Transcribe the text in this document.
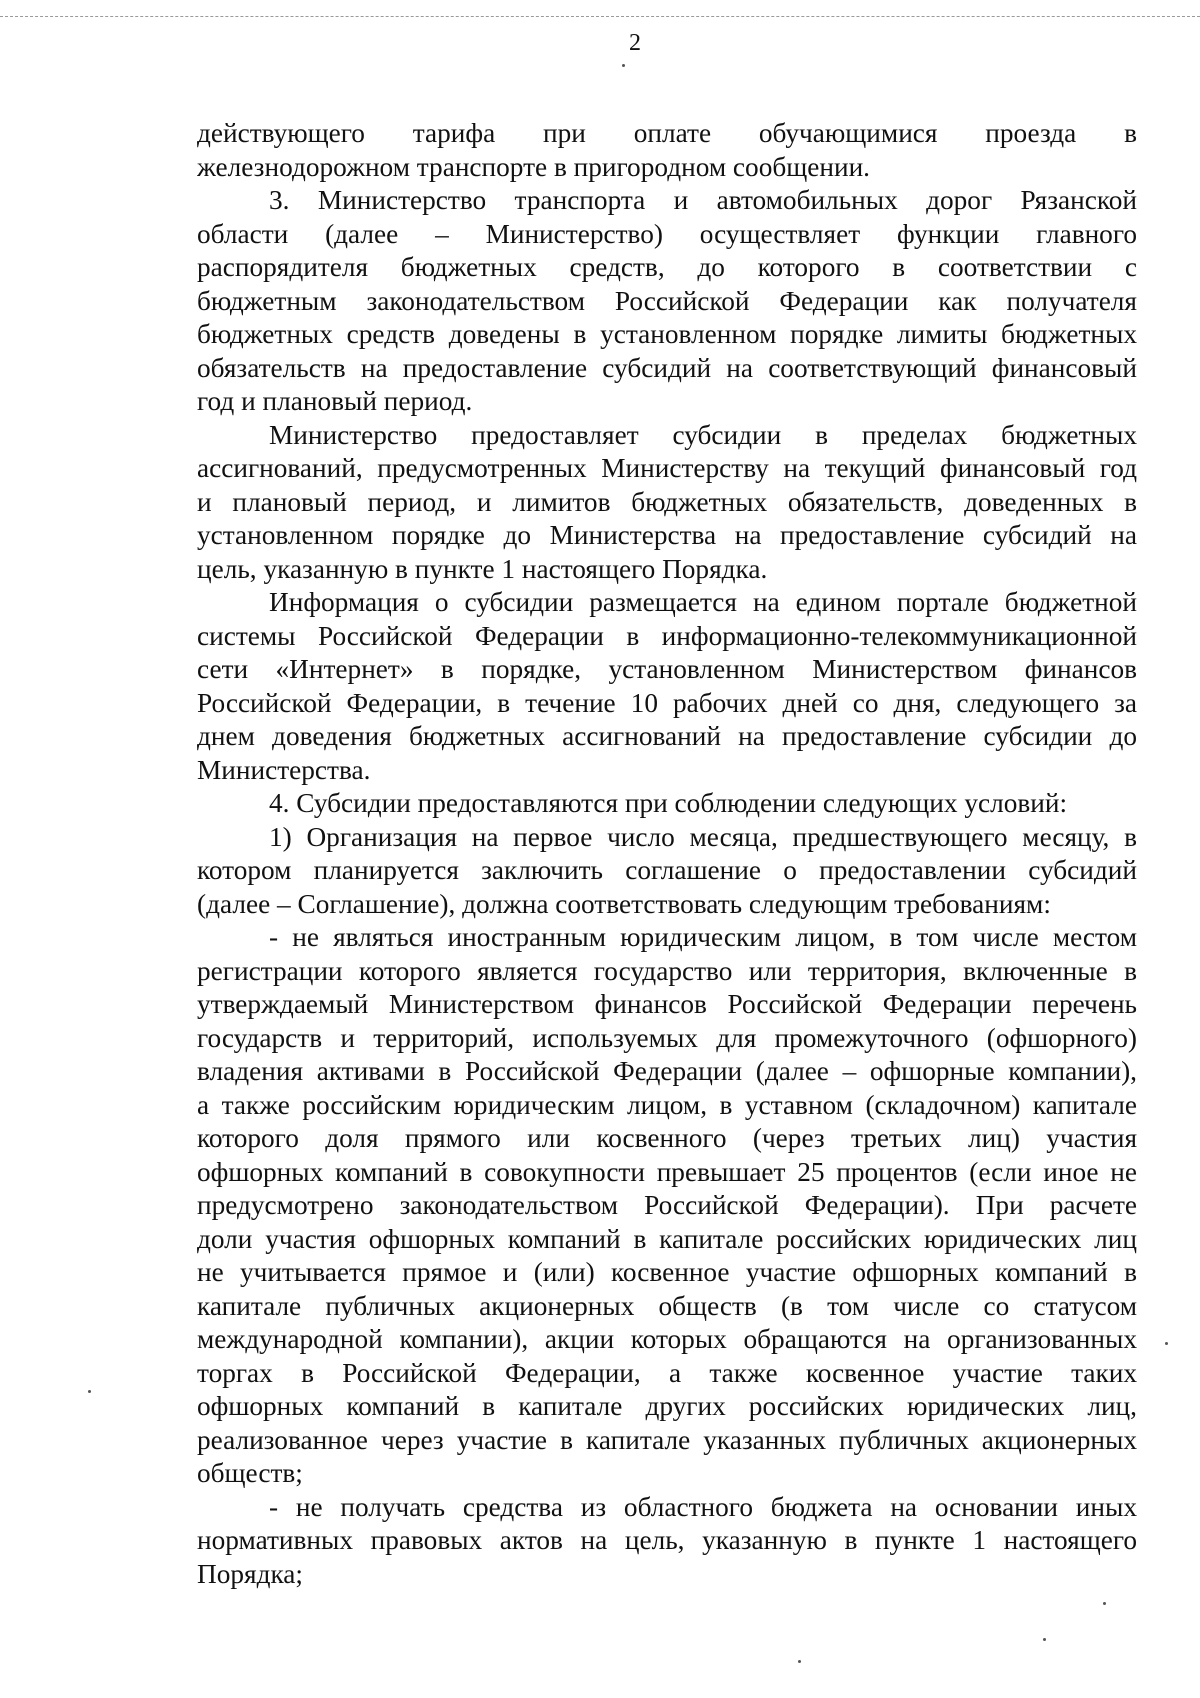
2
действующего тарифа при оплате обучающимися проезда в
железнодорожном транспорте в пригородном сообщении.
3. Министерство транспорта и автомобильных дорог Рязанской
области (далее – Министерство) осуществляет функции главного
распорядителя бюджетных средств, до которого в соответствии с
бюджетным законодательством Российской Федерации как получателя
бюджетных средств доведены в установленном порядке лимиты бюджетных
обязательств на предоставление субсидий на соответствующий финансовый
год и плановый период.
Министерство предоставляет субсидии в пределах бюджетных
ассигнований, предусмотренных Министерству на текущий финансовый год
и плановый период, и лимитов бюджетных обязательств, доведенных в
установленном порядке до Министерства на предоставление субсидий на
цель, указанную в пункте 1 настоящего Порядка.
Информация о субсидии размещается на едином портале бюджетной
системы Российской Федерации в информационно-телекоммуникационной
сети «Интернет» в порядке, установленном Министерством финансов
Российской Федерации, в течение 10 рабочих дней со дня, следующего за
днем доведения бюджетных ассигнований на предоставление субсидии до
Министерства.
4. Субсидии предоставляются при соблюдении следующих условий:
1) Организация на первое число месяца, предшествующего месяцу, в
котором планируется заключить соглашение о предоставлении субсидий
(далее – Соглашение), должна соответствовать следующим требованиям:
- не являться иностранным юридическим лицом, в том числе местом
регистрации которого является государство или территория, включенные в
утверждаемый Министерством финансов Российской Федерации перечень
государств и территорий, используемых для промежуточного (офшорного)
владения активами в Российской Федерации (далее – офшорные компании),
а также российским юридическим лицом, в уставном (складочном) капитале
которого доля прямого или косвенного (через третьих лиц) участия
офшорных компаний в совокупности превышает 25 процентов (если иное не
предусмотрено законодательством Российской Федерации). При расчете
доли участия офшорных компаний в капитале российских юридических лиц
не учитывается прямое и (или) косвенное участие офшорных компаний в
капитале публичных акционерных обществ (в том числе со статусом
международной компании), акции которых обращаются на организованных
торгах в Российской Федерации, а также косвенное участие таких
офшорных компаний в капитале других российских юридических лиц,
реализованное через участие в капитале указанных публичных акционерных
обществ;
- не получать средства из областного бюджета на основании иных
нормативных правовых актов на цель, указанную в пункте 1 настоящего
Порядка;
